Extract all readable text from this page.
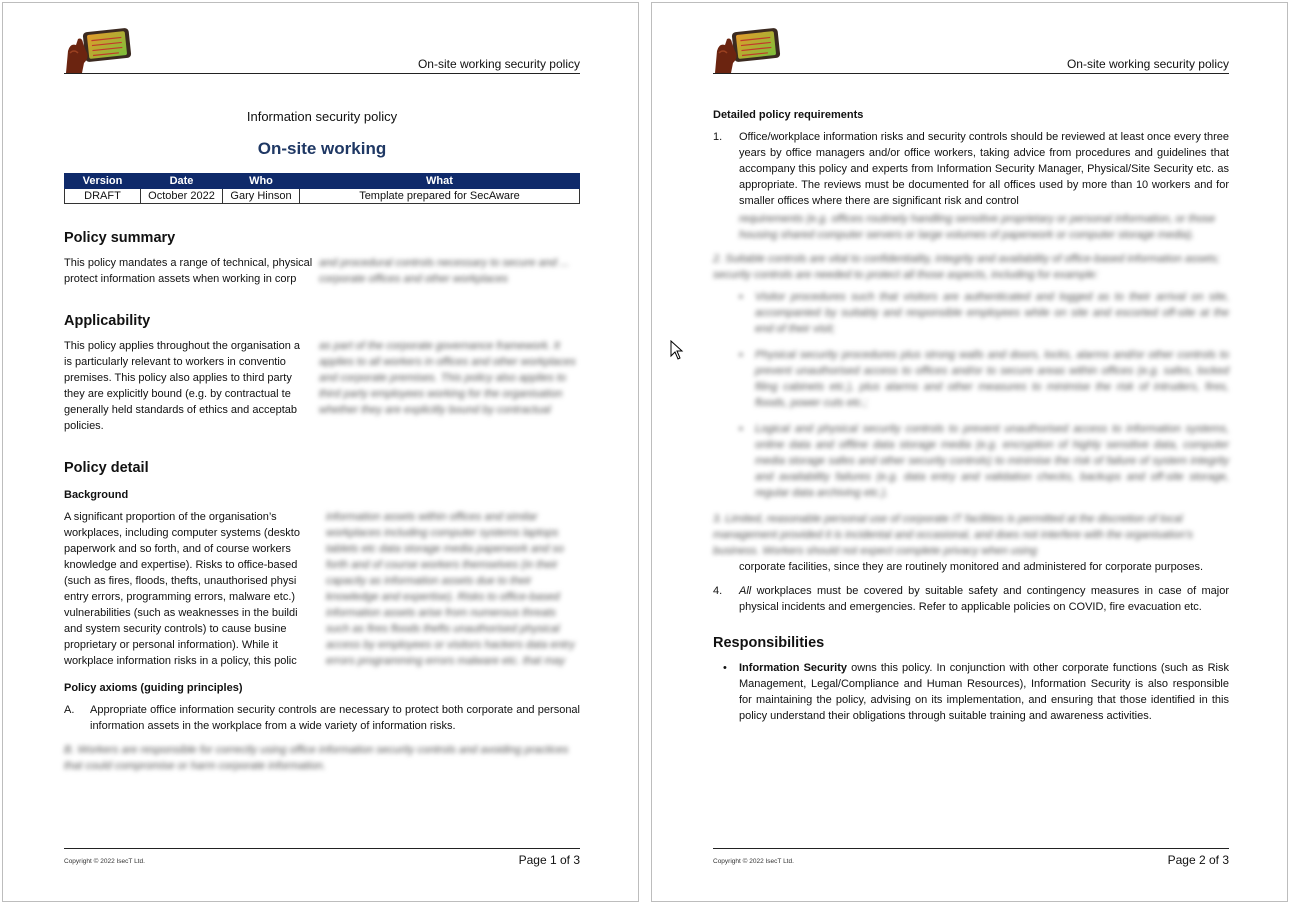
On-site working security policy
Information security policy
On-site working
Version	Date	Who	What
DRAFT	October 2022	Gary Hinson	Template prepared for SecAware
Policy summary
This policy mandates a range of technical, physical
protect information assets when working in corp
and procedural controls necessary to secure and ... corporate offices and other workplaces
Applicability
This policy applies throughout the organisation a
is particularly relevant to workers in conventio
premises. This policy also applies to third party
they are explicitly bound (e.g. by contractual te
generally held standards of ethics and acceptab
policies.
as part of the corporate governance framework. It applies to all workers in offices and other workplaces and corporate premises. This policy also applies to third party employees working for the organisation whether they are explicitly bound by contractual
Policy detail
Background
A significant proportion of the organisation’s
workplaces, including computer systems (deskto
paperwork and so forth, and of course workers
knowledge and expertise). Risks to office-based
(such as fires, floods, thefts, unauthorised physi
entry errors, programming errors, malware etc.)
vulnerabilities (such as weaknesses in the buildi
and system security controls) to cause busine
proprietary or personal information). While it
workplace information risks in a policy, this polic
information assets within offices and similar workplaces including computer systems laptops tablets etc data storage media paperwork and so forth and of course workers themselves (in their capacity as information assets due to their knowledge and expertise). Risks to office-based information assets arise from numerous threats such as fires floods thefts unauthorised physical access by employees or visitors hackers data entry errors programming errors malware etc. that may
Policy axioms (guiding principles)
A.	Appropriate office information security controls are necessary to protect both corporate and personal information assets in the workplace from a wide variety of information risks.
B. Workers are responsible for correctly using office information security controls and avoiding practices that could compromise or harm corporate information.
Copyright © 2022 IsecT Ltd.	Page 1 of 3
On-site working security policy
Detailed policy requirements
1.	Office/workplace information risks and security controls should be reviewed at least once every three years by office managers and/or office workers, taking advice from procedures and guidelines that accompany this policy and experts from Information Security Manager, Physical/Site Security etc. as appropriate. The reviews must be documented for all offices used by more than 10 workers and for smaller offices where there are significant risk and control
requirements (e.g. offices routinely handling sensitive proprietary or personal information, or those housing shared computer servers or large volumes of paperwork or computer storage media).
2. Suitable controls are vital to confidentiality, integrity and availability of office-based information assets; security controls are needed to protect all those aspects, including for example:
▪	Visitor procedures such that visitors are authenticated and logged as to their arrival on site, accompanied by suitably and responsible employees while on site and escorted off-site at the end of their visit;
▪	Physical security procedures plus strong walls and doors, locks, alarms and/or other controls to prevent unauthorised access to offices and/or to secure areas within offices (e.g. safes, locked filing cabinets etc.), plus alarms and other measures to minimise the risk of intruders, fires, floods, power cuts etc.;
▪	Logical and physical security controls to prevent unauthorised access to information systems, online data and offline data storage media (e.g. encryption of highly sensitive data, computer media storage safes and other security controls) to minimise the risk of failure of system integrity and availability failures (e.g. data entry and validation checks, backups and off-site storage, regular data archiving etc.).
3. Limited, reasonable personal use of corporate IT facilities is permitted at the discretion of local management provided it is incidental and occasional, and does not interfere with the organisation’s business. Workers should not expect complete privacy when using
corporate facilities, since they are routinely monitored and administered for corporate purposes.
4.	All workplaces must be covered by suitable safety and contingency measures in case of major physical incidents and emergencies. Refer to applicable policies on COVID, fire evacuation etc.
Responsibilities
•	Information Security owns this policy. In conjunction with other corporate functions (such as Risk Management, Legal/Compliance and Human Resources), Information Security is also responsible for maintaining the policy, advising on its implementation, and ensuring that those identified in this policy understand their obligations through suitable training and awareness activities.
Copyright © 2022 IsecT Ltd.	Page 2 of 3
